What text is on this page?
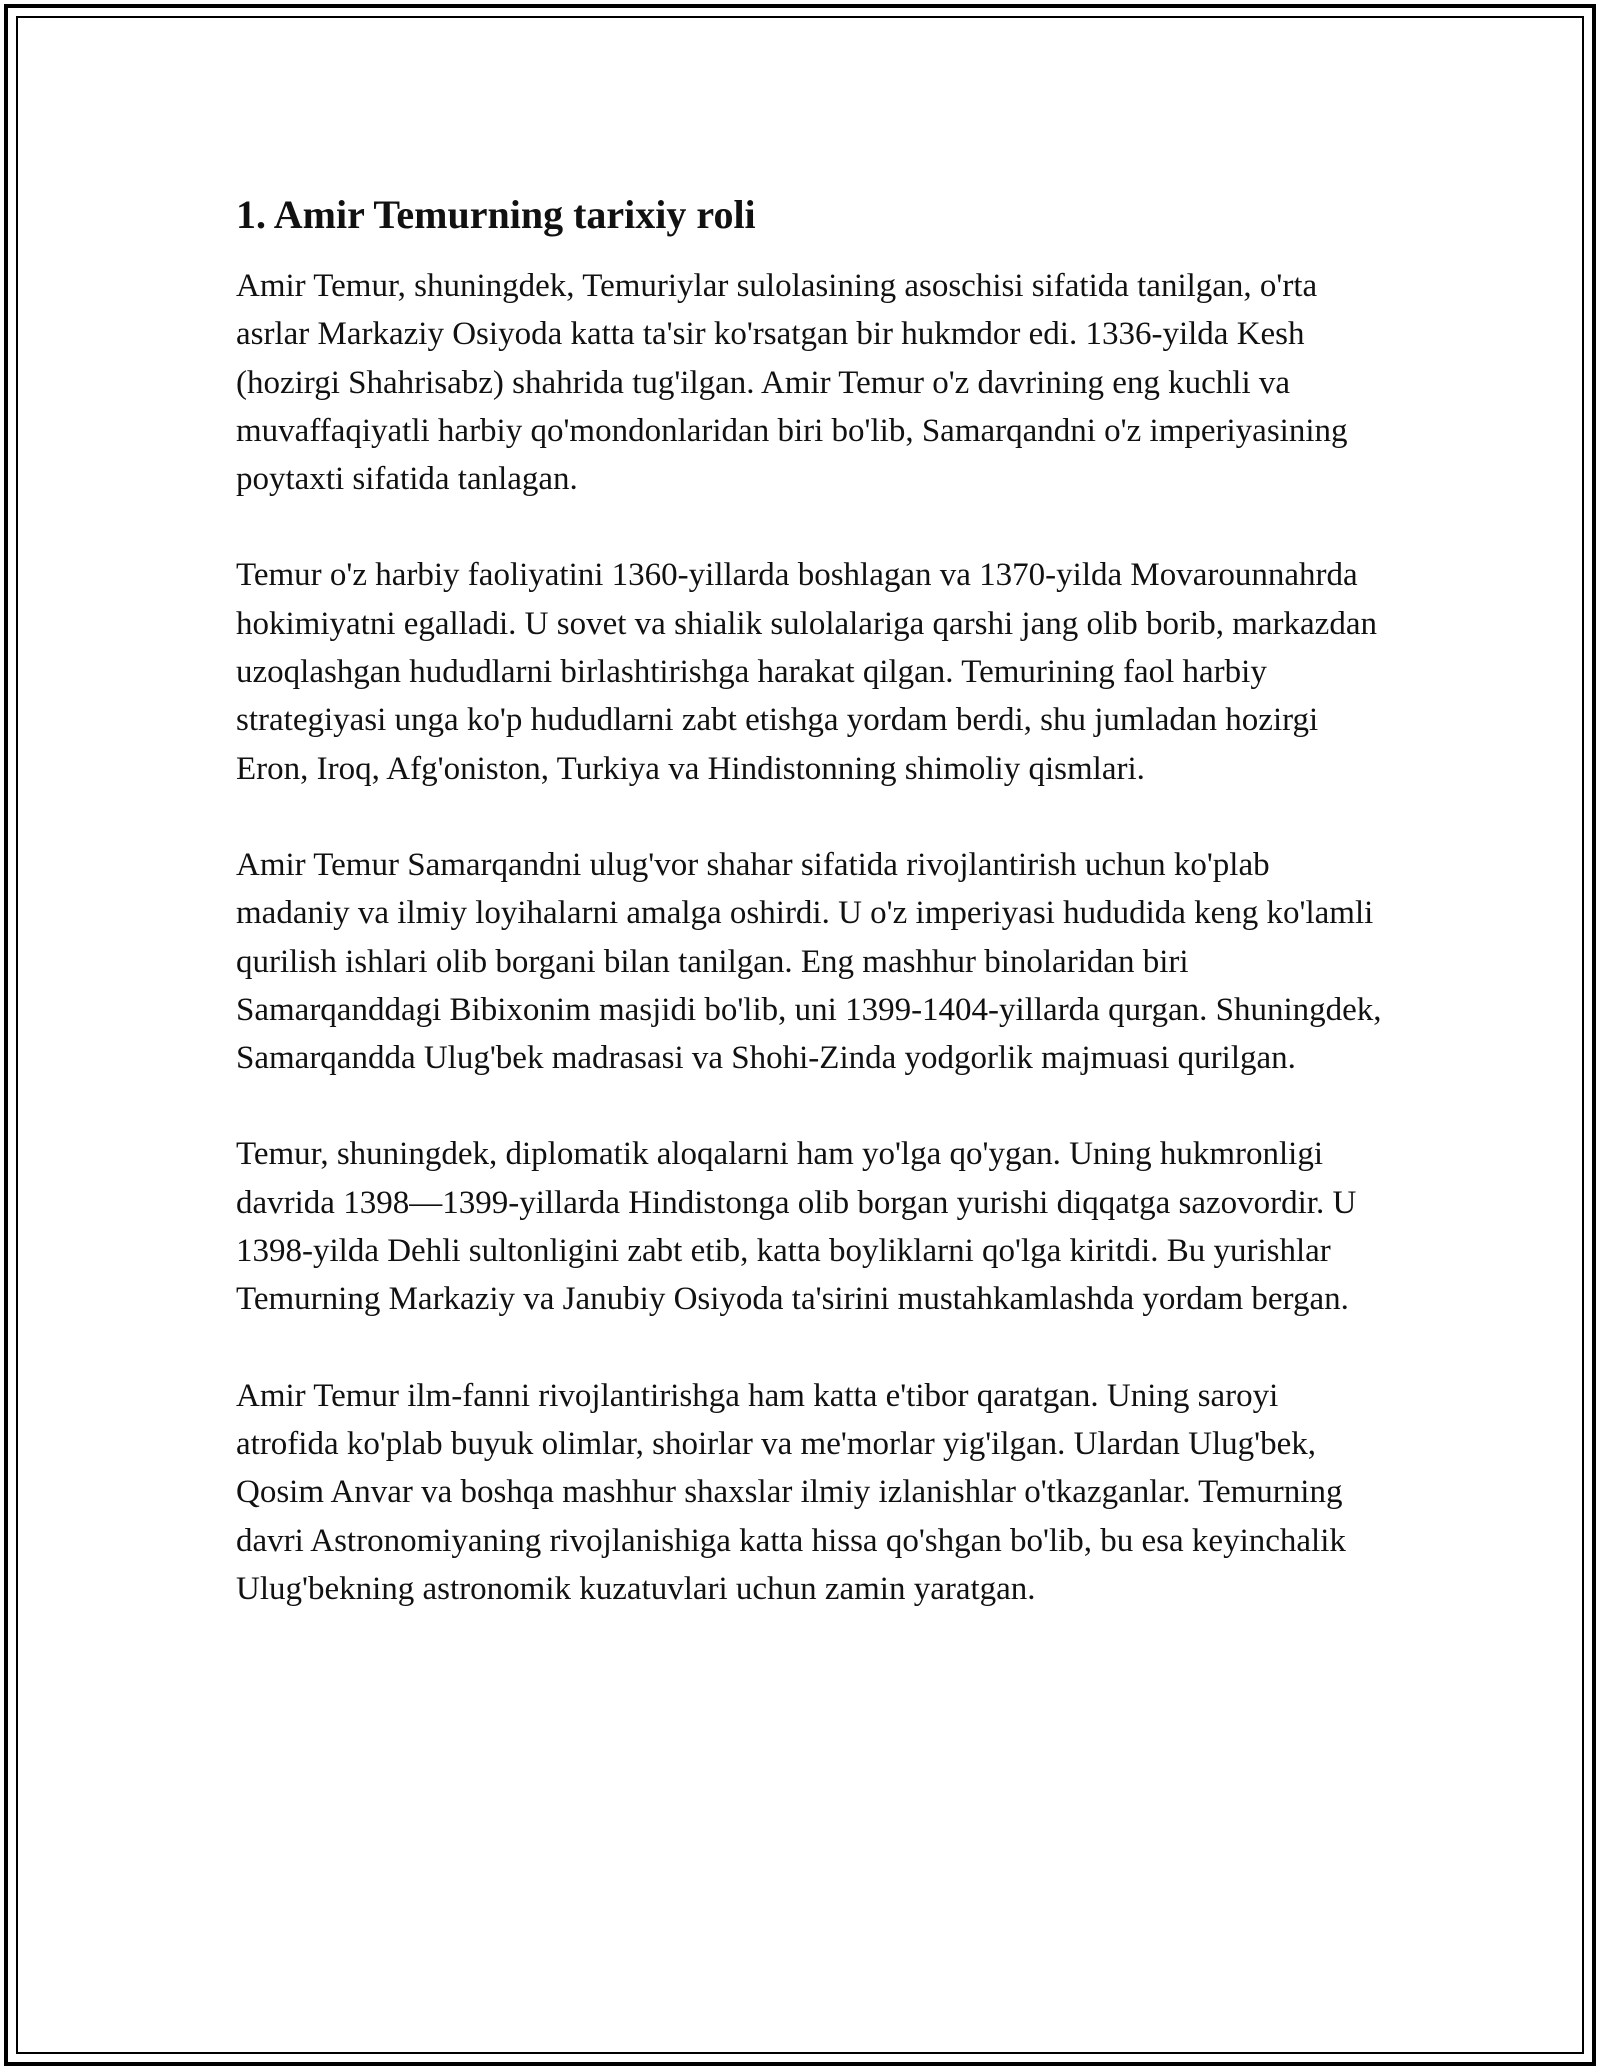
1. Amir Temurning tarixiy roli

Amir Temur, shuningdek, Temuriylar sulolasining asoschisi sifatida tanilgan, o'rta asrlar Markaziy Osiyoda katta ta'sir ko'rsatgan bir hukmdor edi. 1336-yilda Kesh (hozirgi Shahrisabz) shahrida tug'ilgan. Amir Temur o'z davrining eng kuchli va muvaffaqiyatli harbiy qo'mondonlaridan biri bo'lib, Samarqandni o'z imperiyasining poytaxti sifatida tanlagan.

Temur o'z harbiy faoliyatini 1360-yillarda boshlagan va 1370-yilda Movarounnahrda hokimiyatni egalladi. U sovet va shialik sulolalariga qarshi jang olib borib, markazdan uzoqlashgan hududlarni birlashtirishga harakat qilgan. Temurining faol harbiy strategiyasi unga ko'p hududlarni zabt etishga yordam berdi, shu jumladan hozirgi Eron, Iroq, Afg'oniston, Turkiya va Hindistonning shimoliy qismlari.

Amir Temur Samarqandni ulug'vor shahar sifatida rivojlantirish uchun ko'plab madaniy va ilmiy loyihalarni amalga oshirdi. U o'z imperiyasi hududida keng ko'lamli qurilish ishlari olib borgani bilan tanilgan. Eng mashhur binolaridan biri Samarqanddagi Bibixonim masjidi bo'lib, uni 1399-1404-yillarda qurgan. Shuningdek, Samarqandda Ulug'bek madrasasi va Shohi-Zinda yodgorlik majmuasi qurilgan.

Temur, shuningdek, diplomatik aloqalarni ham yo'lga qo'ygan. Uning hukmronligi davrida 1398—1399-yillarda Hindistonga olib borgan yurishi diqqatga sazovordir. U 1398-yilda Dehli sultonligini zabt etib, katta boyliklarni qo'lga kiritdi. Bu yurishlar Temurning Markaziy va Janubiy Osiyoda ta'sirini mustahkamlashda yordam bergan.

Amir Temur ilm-fanni rivojlantirishga ham katta e'tibor qaratgan. Uning saroyi atrofida ko'plab buyuk olimlar, shoirlar va me'morlar yig'ilgan. Ulardan Ulug'bek, Qosim Anvar va boshqa mashhur shaxslar ilmiy izlanishlar o'tkazganlar. Temurning davri Astronomiyaning rivojlanishiga katta hissa qo'shgan bo'lib, bu esa keyinchalik Ulug'bekning astronomik kuzatuvlari uchun zamin yaratgan.
